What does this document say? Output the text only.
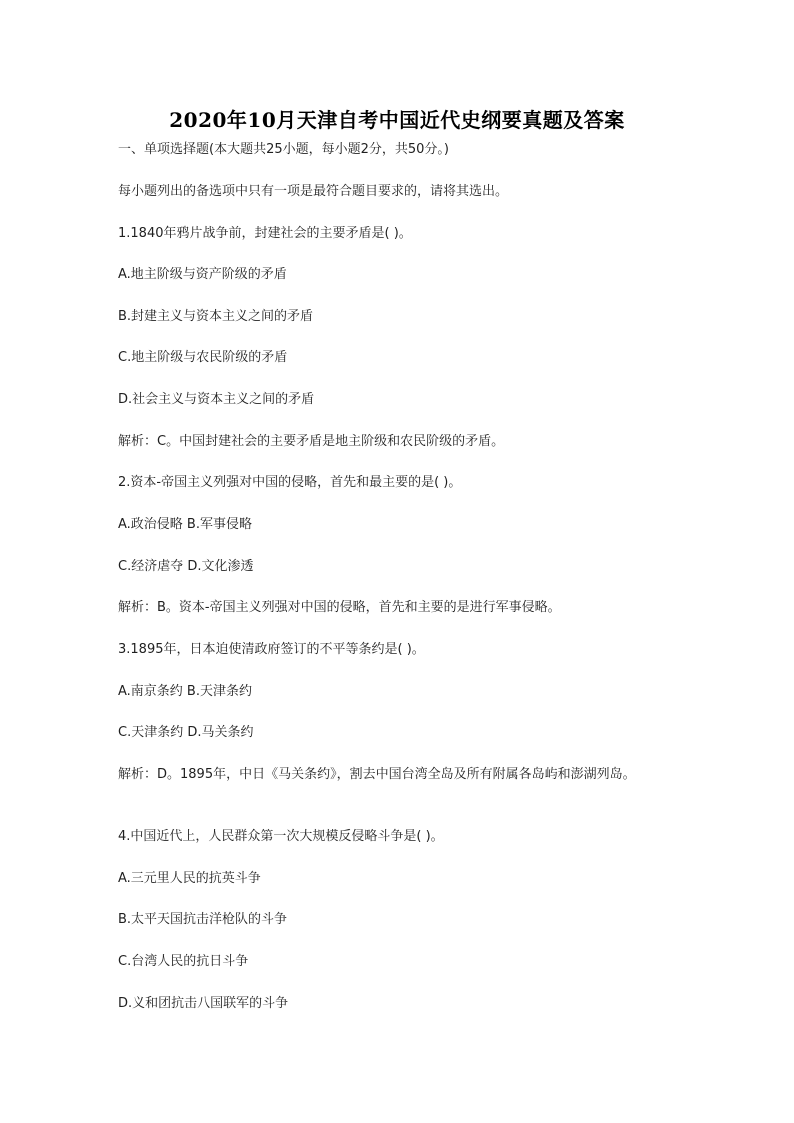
2020年10月天津自考中国近代史纲要真题及答案
一、单项选择题(本大题共25小题，每小题2分，共50分。)
每小题列出的备选项中只有一项是最符合题目要求的，请将其选出。
1.1840年鸦片战争前，封建社会的主要矛盾是( )。
A.地主阶级与资产阶级的矛盾
B.封建主义与资本主义之间的矛盾
C.地主阶级与农民阶级的矛盾
D.社会主义与资本主义之间的矛盾
解析：C。中国封建社会的主要矛盾是地主阶级和农民阶级的矛盾。
2.资本-帝国主义列强对中国的侵略，首先和最主要的是( )。
A.政治侵略 B.军事侵略
C.经济虐夺 D.文化渗透
解析：B。资本-帝国主义列强对中国的侵略，首先和主要的是进行军事侵略。
3.1895年，日本迫使清政府签订的不平等条约是( )。
A.南京条约 B.天津条约
C.天津条约 D.马关条约
解析：D。1895年，中日《马关条约》，割去中国台湾全岛及所有附属各岛屿和澎湖列岛。
4.中国近代上，人民群众第一次大规模反侵略斗争是( )。
A.三元里人民的抗英斗争
B.太平天国抗击洋枪队的斗争
C.台湾人民的抗日斗争
D.义和团抗击八国联军的斗争
